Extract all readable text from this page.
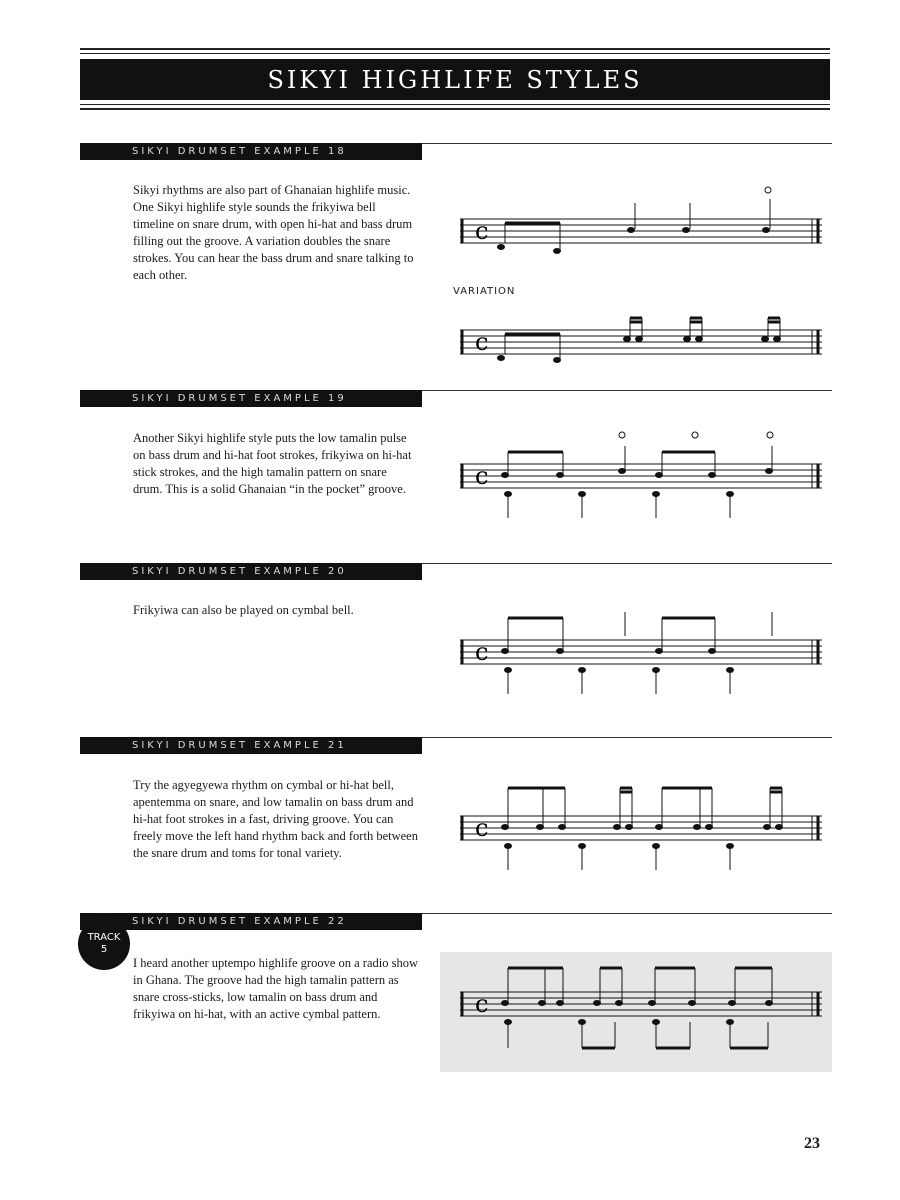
SIKYI HIGHLIFE STYLES
SIKYI DRUMSET EXAMPLE 18
Sikyi rhythms are also part of Ghanaian highlife music. One Sikyi highlife style sounds the frikyiwa bell timeline on snare drum, with open hi-hat and bass drum filling out the groove. A variation doubles the snare strokes. You can hear the bass drum and snare talking to each other.
c
VARIATION
c
SIKYI DRUMSET EXAMPLE 19
Another Sikyi highlife style puts the low tamalin pulse on bass drum and hi-hat foot strokes, frikyiwa on hi-hat stick strokes, and the high tamalin pattern on snare drum. This is a solid Ghanaian “in the pocket” groove.	c
SIKYI DRUMSET EXAMPLE 20
Frikyiwa can also be played on cymbal bell.
c
SIKYI DRUMSET EXAMPLE 21
Try the agyegyewa rhythm on cymbal or hi-hat bell, apentemma on snare, and low tamalin on bass drum and hi-hat foot strokes in a fast, driving groove. You can freely move the left hand rhythm back and forth between the snare drum and toms for tonal variety.
c
SIKYI DRUMSET EXAMPLE 22
TRACK
5
I heard another uptempo highlife groove on a radio show in Ghana. The groove had the high tamalin pattern as snare cross-sticks, low tamalin on bass drum and frikyiwa on hi-hat, with an active cymbal pattern.	c
23
